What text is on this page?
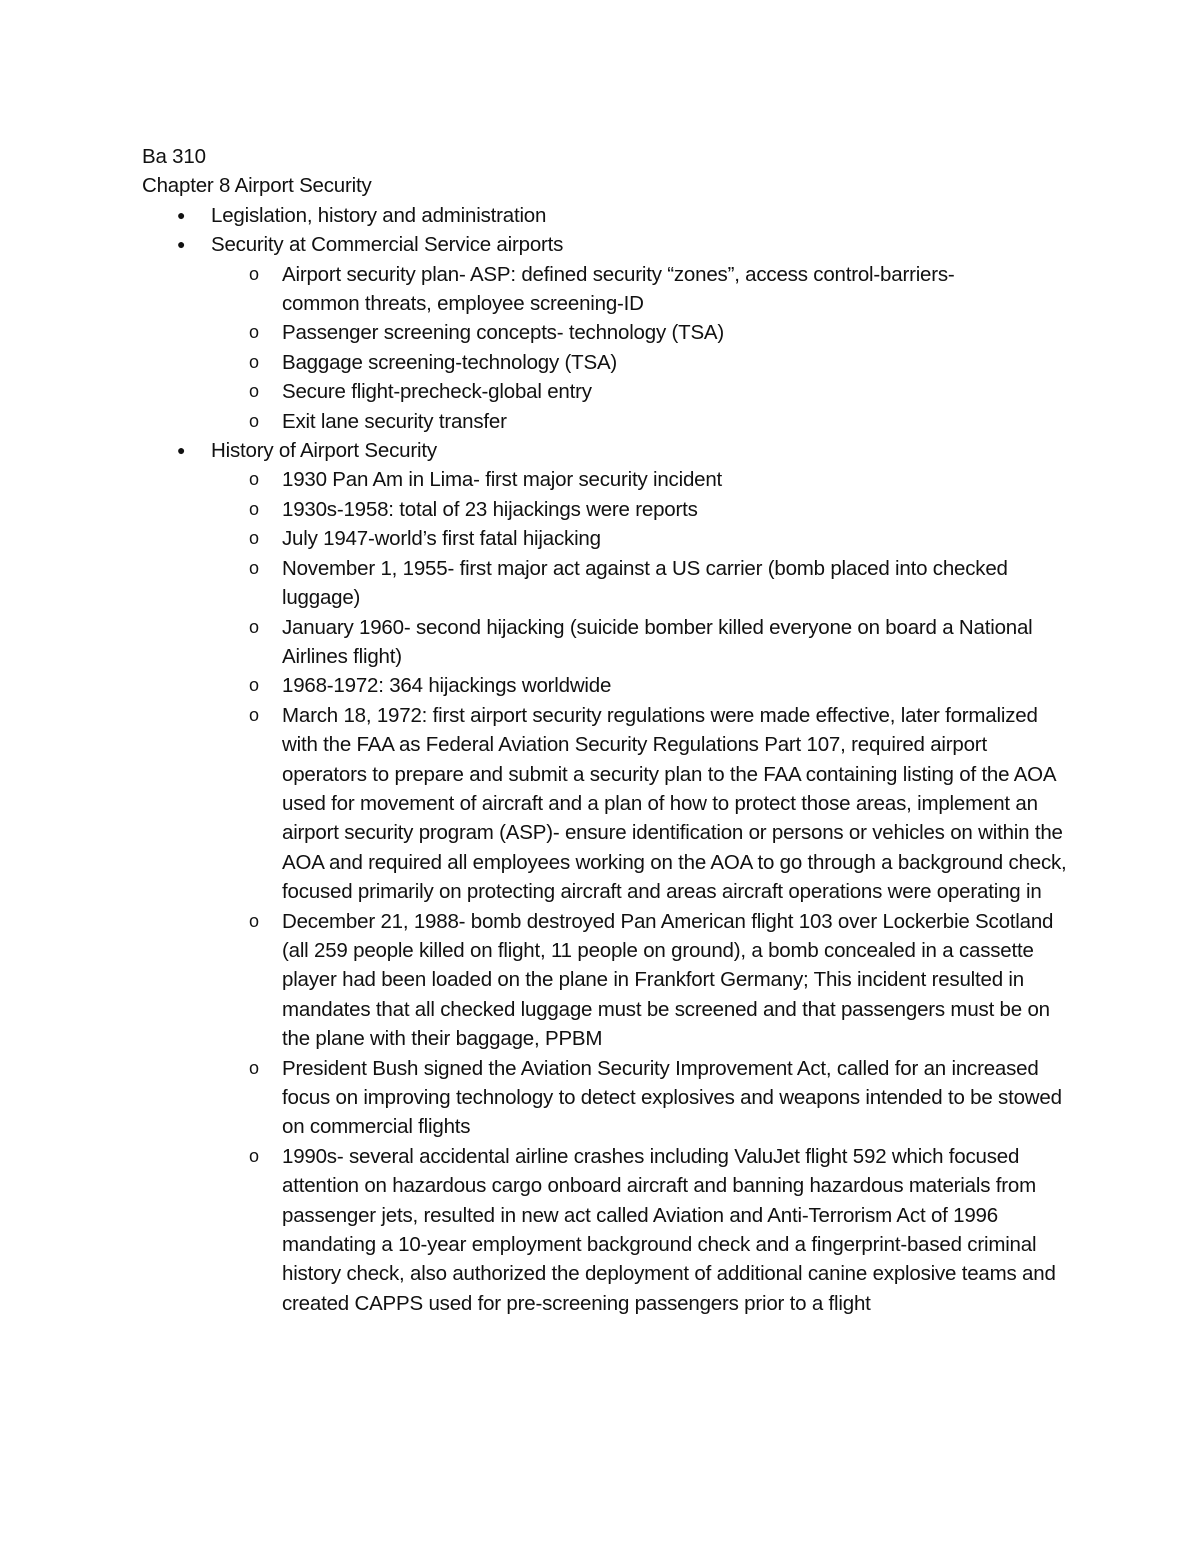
Ba 310
Chapter 8 Airport Security
● Legislation, history and administration
● Security at Commercial Service airports
o Airport security plan- ASP: defined security “zones”, access control-barriers-common threats, employee screening-ID
o Passenger screening concepts- technology (TSA)
o Baggage screening-technology (TSA)
o Secure flight-precheck-global entry
o Exit lane security transfer
● History of Airport Security
o 1930 Pan Am in Lima- first major security incident
o 1930s-1958: total of 23 hijackings were reports
o July 1947-world’s first fatal hijacking
o November 1, 1955- first major act against a US carrier (bomb placed into checked luggage)
o January 1960- second hijacking (suicide bomber killed everyone on board a National Airlines flight)
o 1968-1972: 364 hijackings worldwide
o March 18, 1972: first airport security regulations were made effective, later formalized with the FAA as Federal Aviation Security Regulations Part 107, required airport operators to prepare and submit a security plan to the FAA containing listing of the AOA used for movement of aircraft and a plan of how to protect those areas, implement an airport security program (ASP)- ensure identification or persons or vehicles on within the AOA and required all employees working on the AOA to go through a background check, focused primarily on protecting aircraft and areas aircraft operations were operating in
o December 21, 1988- bomb destroyed Pan American flight 103 over Lockerbie Scotland (all 259 people killed on flight, 11 people on ground), a bomb concealed in a cassette player had been loaded on the plane in Frankfort Germany; This incident resulted in mandates that all checked luggage must be screened and that passengers must be on the plane with their baggage, PPBM
o President Bush signed the Aviation Security Improvement Act, called for an increased focus on improving technology to detect explosives and weapons intended to be stowed on commercial flights
o 1990s- several accidental airline crashes including ValuJet flight 592 which focused attention on hazardous cargo onboard aircraft and banning hazardous materials from passenger jets, resulted in new act called Aviation and Anti-Terrorism Act of 1996 mandating a 10-year employment background check and a fingerprint-based criminal history check, also authorized the deployment of additional canine explosive teams and created CAPPS used for pre-screening passengers prior to a flight
